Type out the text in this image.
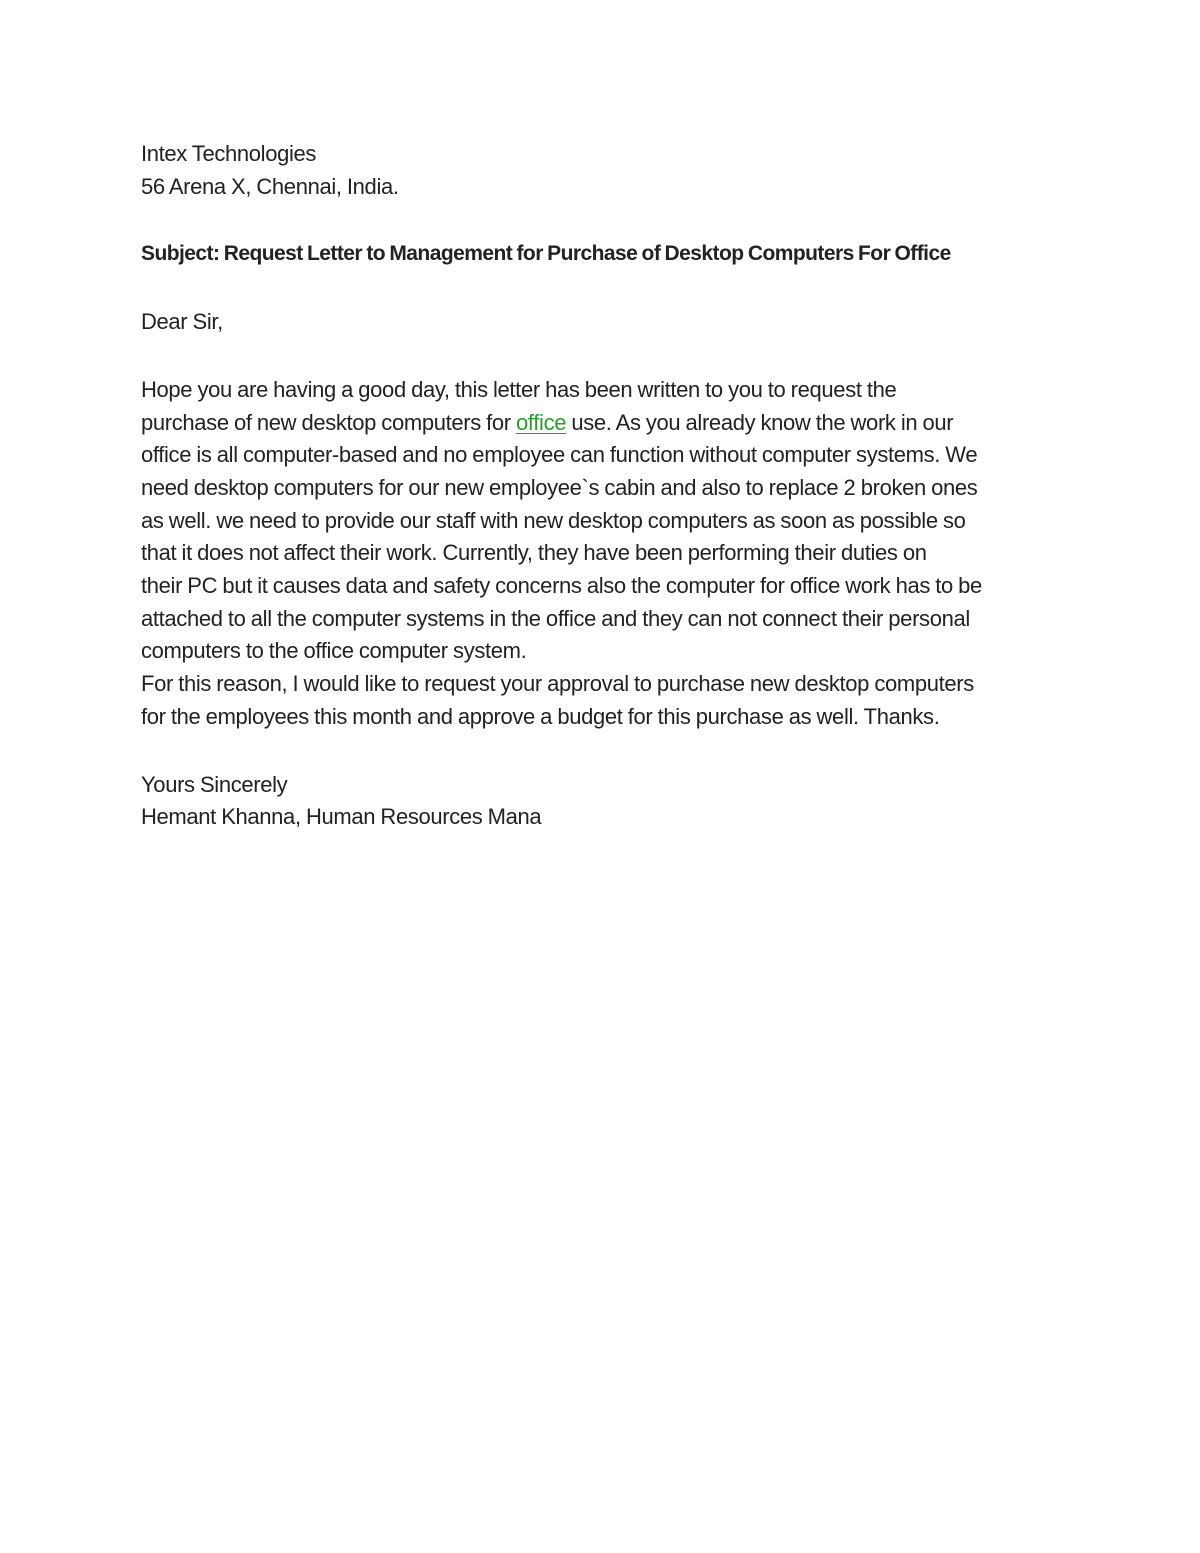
Intex Technologies
56 Arena X, Chennai, India.
Subject: Request Letter to Management for Purchase of Desktop Computers For Office
Dear Sir,
Hope you are having a good day, this letter has been written to you to request the
purchase of new desktop computers for office use. As you already know the work in our
office is all computer-based and no employee can function without computer systems. We
need desktop computers for our new employee`s cabin and also to replace 2 broken ones
as well. we need to provide our staff with new desktop computers as soon as possible so
that it does not affect their work. Currently, they have been performing their duties on
their PC but it causes data and safety concerns also the computer for office work has to be
attached to all the computer systems in the office and they can not connect their personal
computers to the office computer system.
For this reason, I would like to request your approval to purchase new desktop computers
for the employees this month and approve a budget for this purchase as well. Thanks.
Yours Sincerely
Hemant Khanna, Human Resources Mana
